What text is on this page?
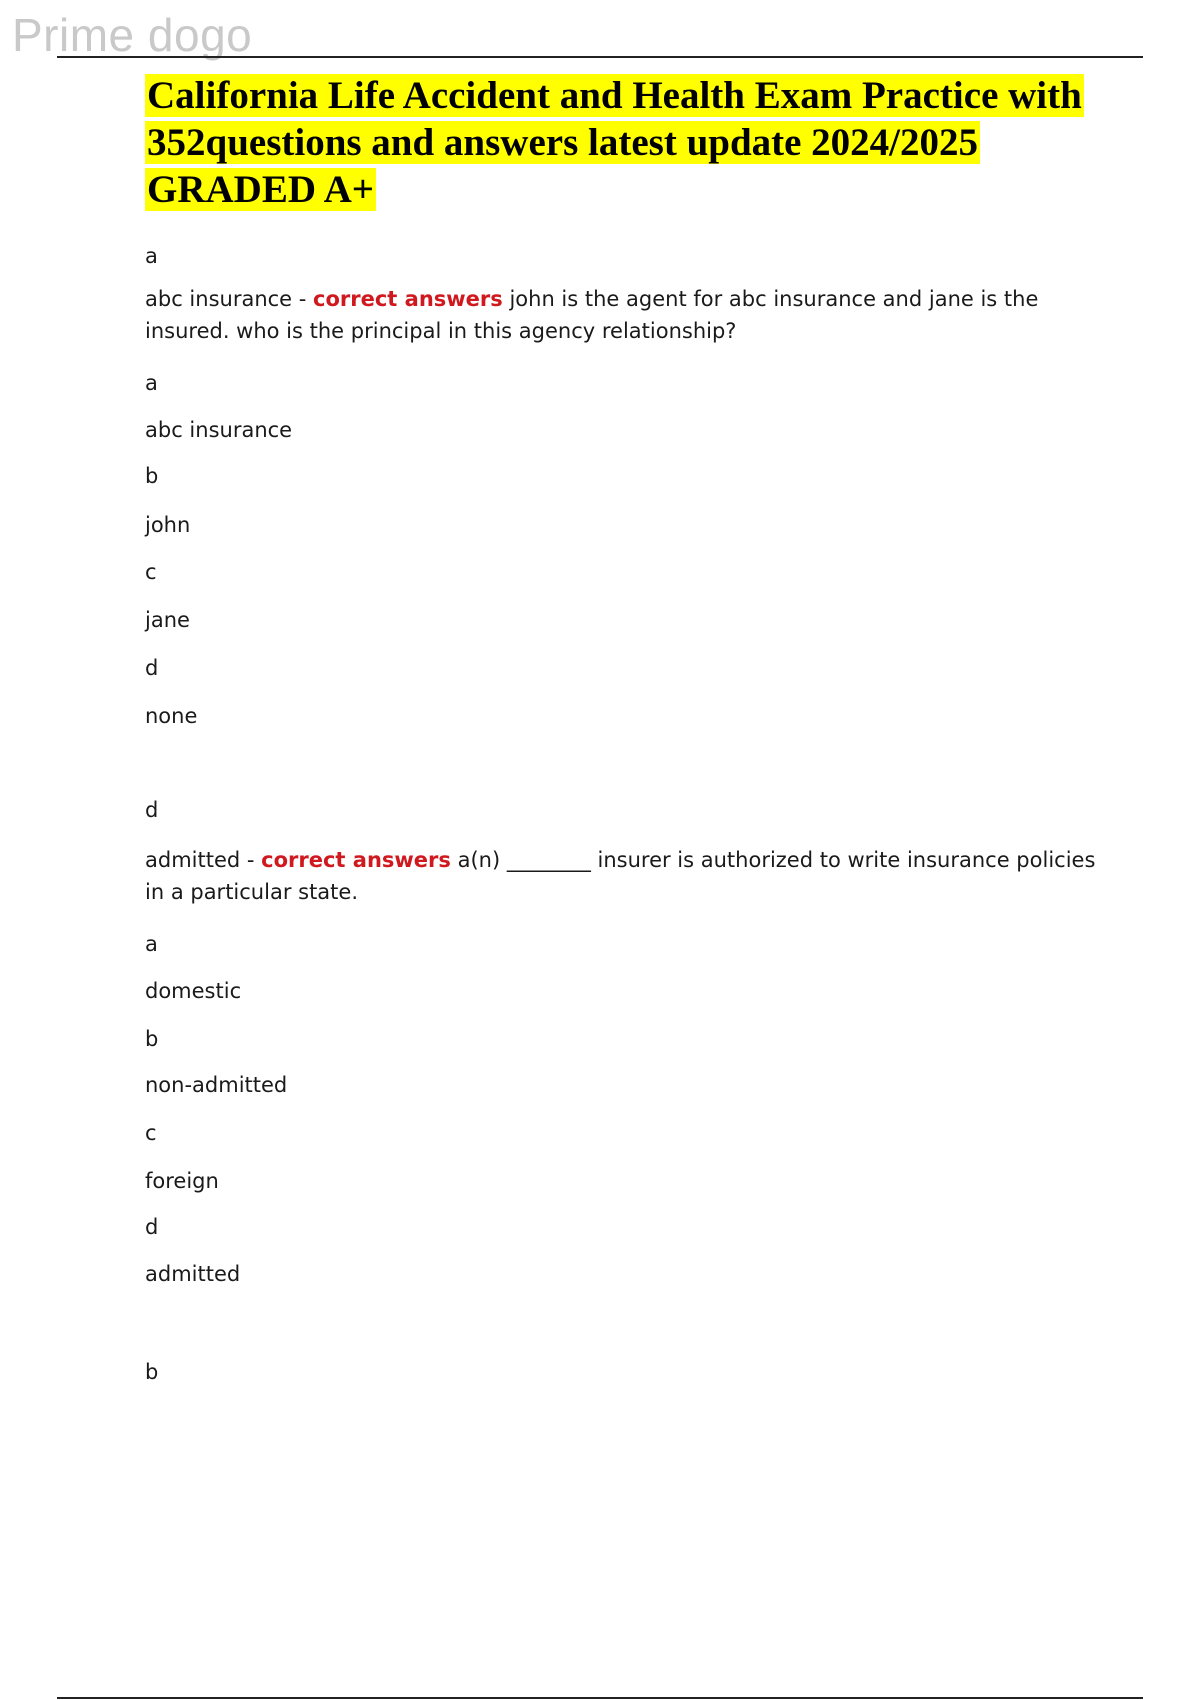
Prime dogo
California Life Accident and Health Exam Practice with 352questions and answers latest update 2024/2025 GRADED A+

a

abc insurance - correct answers john is the agent for abc insurance and jane is the insured. who is the principal in this agency relationship?

a

abc insurance

b

john

c

jane

d

none

d

admitted - correct answers a(n) ________ insurer is authorized to write insurance policies in a particular state.

a

domestic

b

non-admitted

c

foreign

d

admitted

b
